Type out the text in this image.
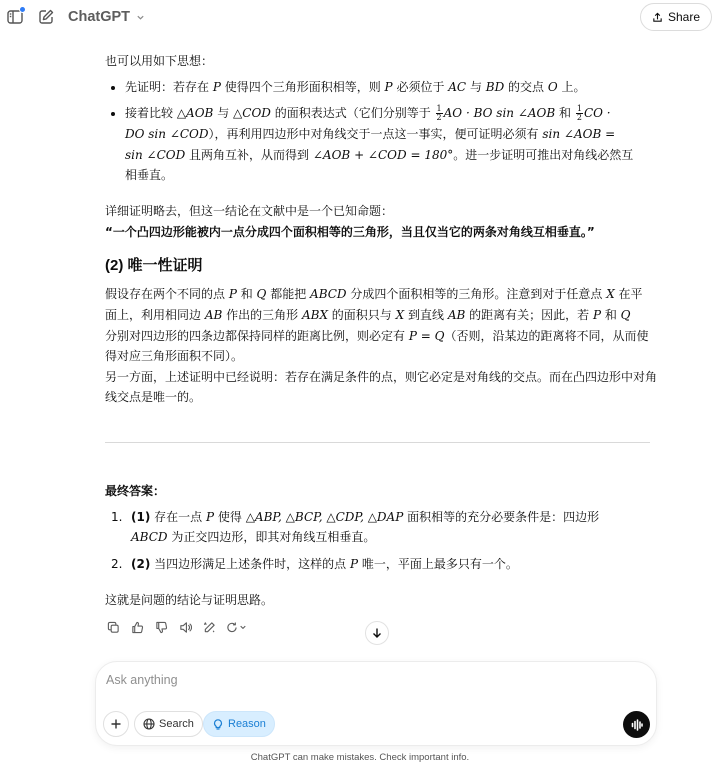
ChatGPT	Share
也可以用如下思想：
先证明：若存在 P 使得四个三角形面积相等，则 P 必须位于 AC 与 BD 的交点 O 上。
接着比较 △AOB 与 △COD 的面积表达式（它们分别等于 $\frac{1}{2}$ AO · BO sin ∠AOB 和 $\frac{1}{2}$ CO ·
DO sin ∠COD），再利用四边形中对角线交于一点这一事实，便可证明必须有 sin ∠AOB =
sin ∠COD 且两角互补，从而得到 ∠AOB + ∠COD = 180°。进一步证明可推出对角线必然互
相垂直。
详细证明略去，但这一结论在文献中是一个已知命题：
“一个凸四边形能被内一点分成四个面积相等的三角形，当且仅当它的两条对角线互相垂直。”
(2) 唯一性证明
假设存在两个不同的点 P 和 Q 都能把 ABCD 分成四个面积相等的三角形。注意到对于任意点 X 在平
面上，利用相同边 AB 作出的三角形 ABX 的面积只与 X 到直线 AB 的距离有关；因此，若 P 和 Q
分别对四边形的四条边都保持同样的距离比例，则必定有 P = Q（否则，沿某边的距离将不同，从而使
得对应三角形面积不同）。
另一方面，上述证明中已经说明：若存在满足条件的点，则它必定是对角线的交点。而在凸四边形中对角
线交点是唯一的。
最终答案：
1. (1) 存在一点 P 使得 △ABP, △BCP, △CDP, △DAP 面积相等的充分必要条件是：四边形
ABCD 为正交四边形，即其对角线互相垂直。
2. (2) 当四边形满足上述条件时，这样的点 P 唯一，平面上最多只有一个。
这就是问题的结论与证明思路。
Ask anything
Search	Reason
ChatGPT can make mistakes. Check important info.
